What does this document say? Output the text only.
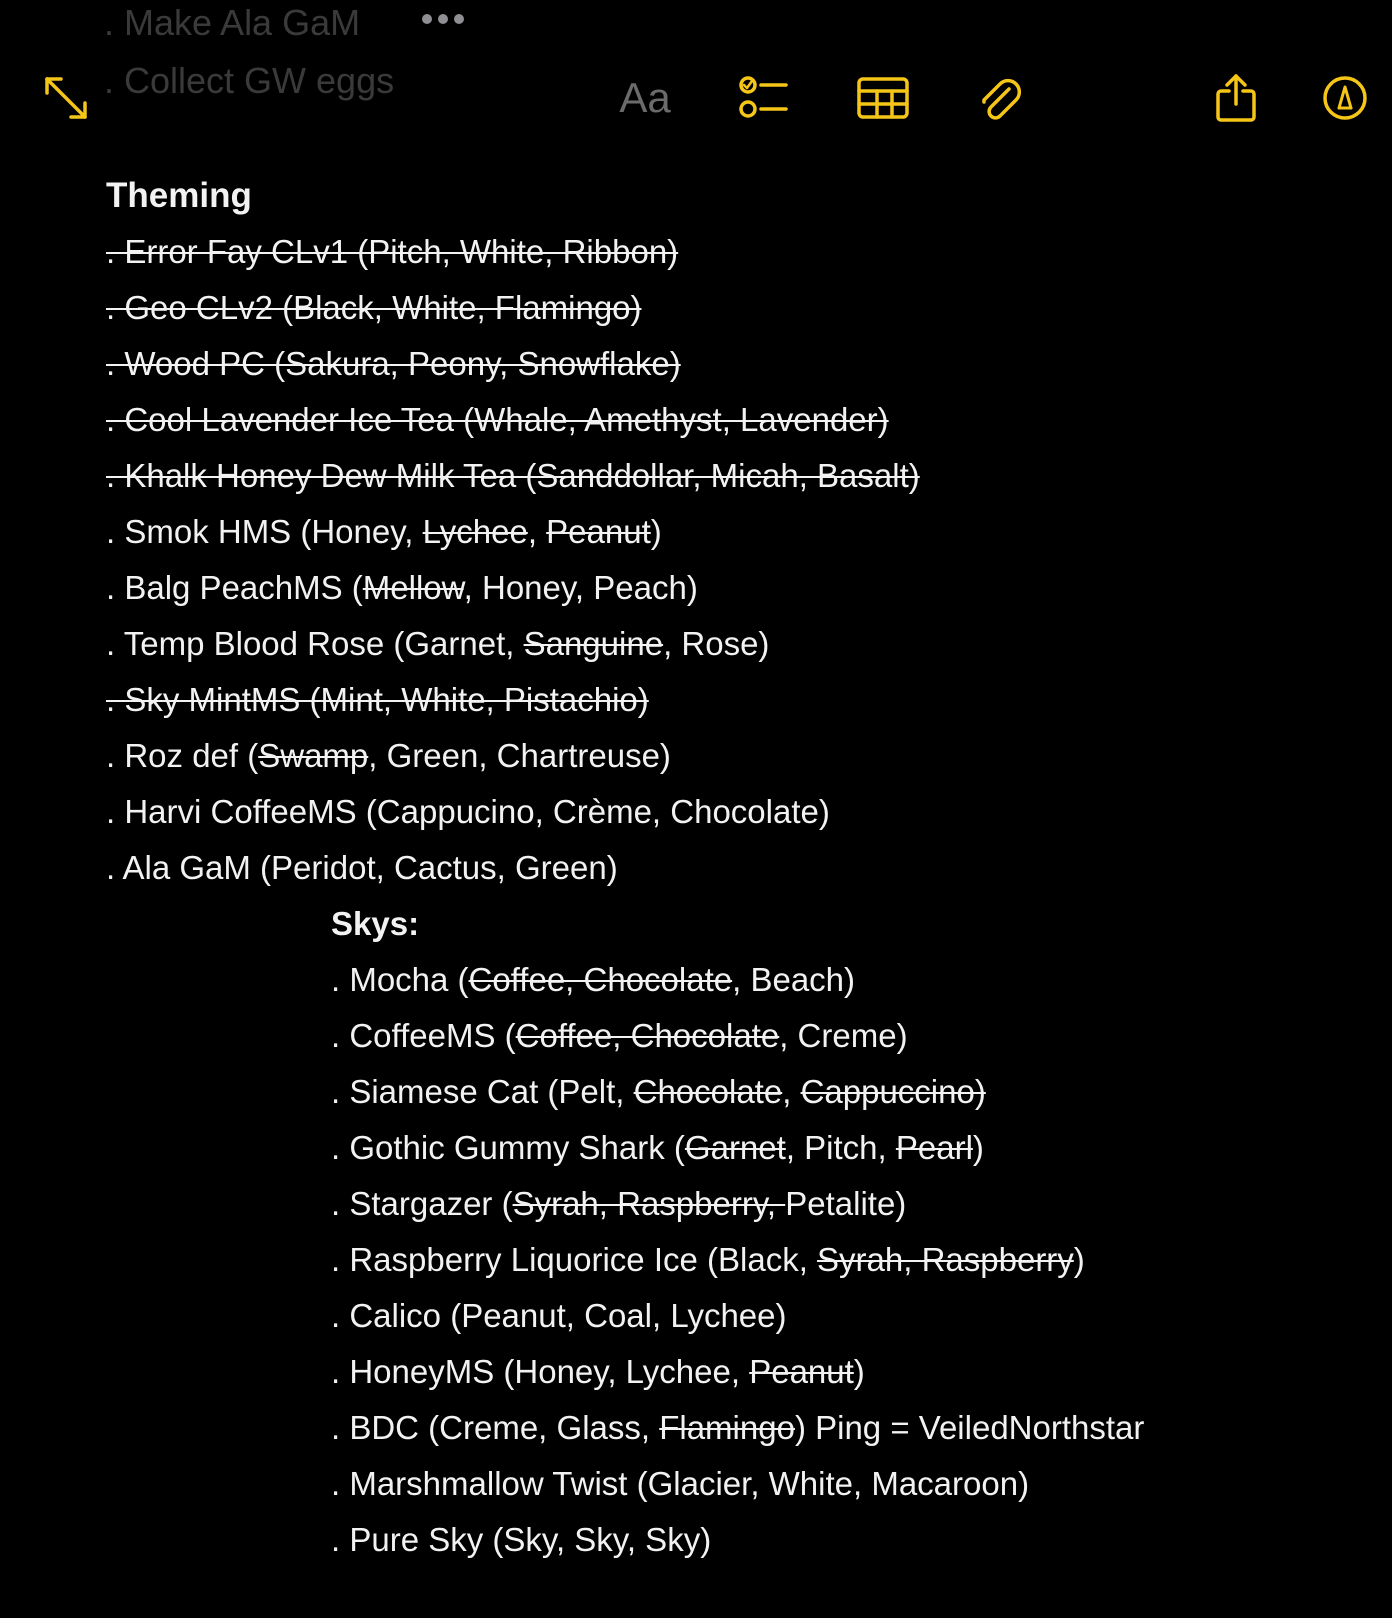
. Make Ala GaM
. Collect GW eggs	Aa
Theming
. Error Fay CLv1 (Pitch, White, Ribbon)
. Geo CLv2 (Black, White, Flamingo)
. Wood PC (Sakura, Peony, Snowflake)
. Cool Lavender Ice Tea (Whale, Amethyst, Lavender)
. Khalk Honey Dew Milk Tea (Sanddollar, Micah, Basalt)
. Smok HMS (Honey, Lychee, Peanut)
. Balg PeachMS (Mellow, Honey, Peach)
. Temp Blood Rose (Garnet, Sanguine, Rose)
. Sky MintMS (Mint, White, Pistachio)
. Roz def (Swamp, Green, Chartreuse)
. Harvi CoffeeMS (Cappucino, Crème, Chocolate)
. Ala GaM (Peridot, Cactus, Green)
Skys:
. Mocha (Coffee, Chocolate, Beach)
. CoffeeMS (Coffee, Chocolate, Creme)
. Siamese Cat (Pelt, Chocolate, Cappuccino)
. Gothic Gummy Shark (Garnet, Pitch, Pearl)
. Stargazer (Syrah, Raspberry, Petalite)
. Raspberry Liquorice Ice (Black, Syrah, Raspberry)
. Calico (Peanut, Coal, Lychee)
. HoneyMS (Honey, Lychee, Peanut)
. BDC (Creme, Glass, Flamingo) Ping = VeiledNorthstar
. Marshmallow Twist (Glacier, White, Macaroon)
. Pure Sky (Sky, Sky, Sky)
